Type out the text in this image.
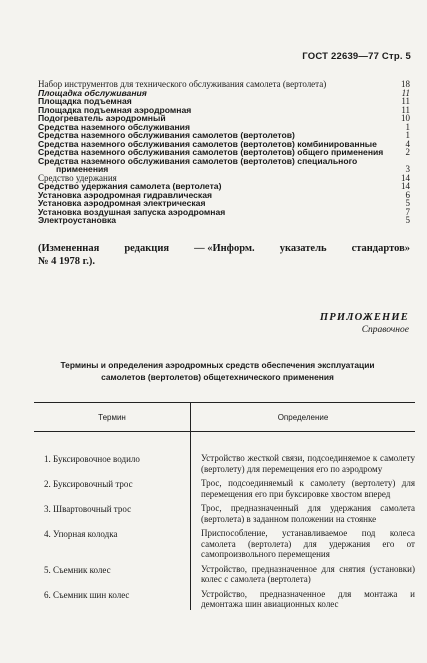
ГОСТ 22639—77 Стр. 5
Набор инструментов для технического обслуживания самолета (вертолета)	18
Площадка обслуживания	11
Площадка подъемная	11
Площадка подъемная аэродромная	11
Подогреватель аэродромный	10
Средства наземного обслуживания	1
Средства наземного обслуживания самолетов (вертолетов)	1
Средства наземного обслуживания самолетов (вертолетов) комбинированные	4
Средства наземного обслуживания самолетов (вертолетов) общего применения 2
Средства наземного обслуживания самолетов (вертолетов) специального
применения	3
Средство удержания	14
Средство удержания самолета (вертолета)	14
Установка аэродромная гидравлическая	6
Установка аэродромная электрическая	5
Установка воздушная запуска аэродромная	7
Электроустановка	5
(Измененная редакция — «Информ. указатель стандартов»
№ 4 1978 г.).
ПРИЛОЖЕНИЕ
Справочное
Термины и определения аэродромных средств обеспечения эксплуатации
самолетов (вертолетов) общетехнического применения
Термин	Определение

1. Буксировочное водило	Устройство жесткой связи, подсоединяемое к самолету (вертолету) для перемещения его по аэродрому

2. Буксировочный трос	Трос, подсоединяемый к самолету (вертолету) для перемещения его при буксировке хвостом вперед

3. Швартовочный трос	Трос, предназначенный для удержания самолета (вертолета) в заданном положении на стоянке

4. Упорная колодка	Приспособление, устанавливаемое под колеса самолета (вертолета) для удержания его от самопроизвольного перемещения

5. Съемник колес	Устройство, предназначенное для снятия (установки) колес с самолета (вертолета)

6. Съемник шин колес	Устройство, предназначенное для монтажа и демонтажа шин авиационных колес
